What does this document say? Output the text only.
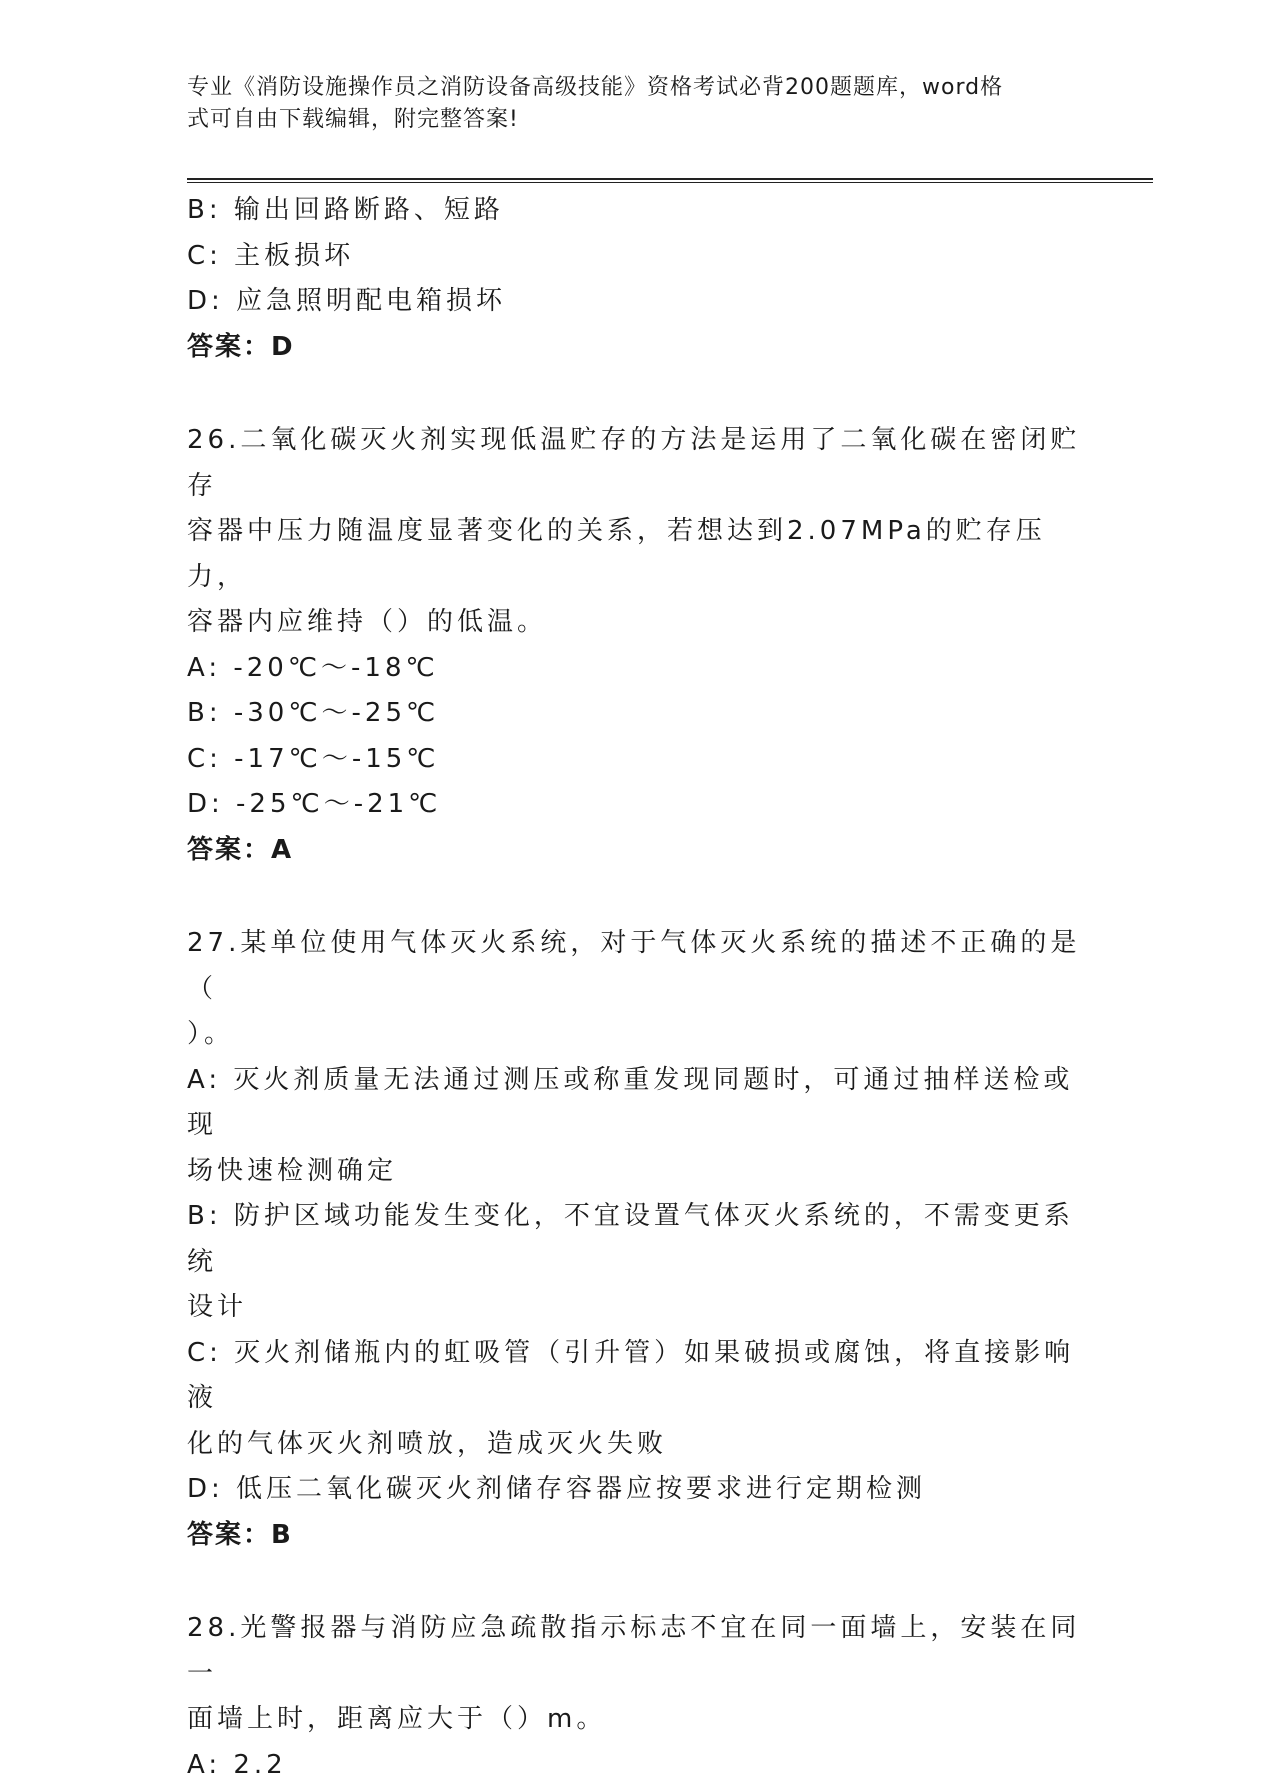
专业《消防设施操作员之消防设备高级技能》资格考试必背200题题库，word格
式可自由下载编辑，附完整答案!
B: 输出回路断路、短路
C: 主板损坏
D: 应急照明配电箱损坏
答案：D
26.二氧化碳灭火剂实现低温贮存的方法是运用了二氧化碳在密闭贮存
容器中压力随温度显著变化的关系，若想达到2.07MPa的贮存压力，
容器内应维持（）的低温。
A: -20℃～-18℃
B: -30℃～-25℃
C: -17℃～-15℃
D: -25℃～-21℃
答案：A
27.某单位使用气体灭火系统，对于气体灭火系统的描述不正确的是（
）。
A: 灭火剂质量无法通过测压或称重发现同题时，可通过抽样送检或现
场快速检测确定
B: 防护区域功能发生变化，不宜设置气体灭火系统的，不需变更系统
设计
C: 灭火剂储瓶内的虹吸管（引升管）如果破损或腐蚀，将直接影响液
化的气体灭火剂喷放，造成灭火失败
D: 低压二氧化碳灭火剂储存容器应按要求进行定期检测
答案：B
28.光警报器与消防应急疏散指示标志不宜在同一面墙上，安装在同一
面墙上时，距离应大于（）m。
A: 2.2
